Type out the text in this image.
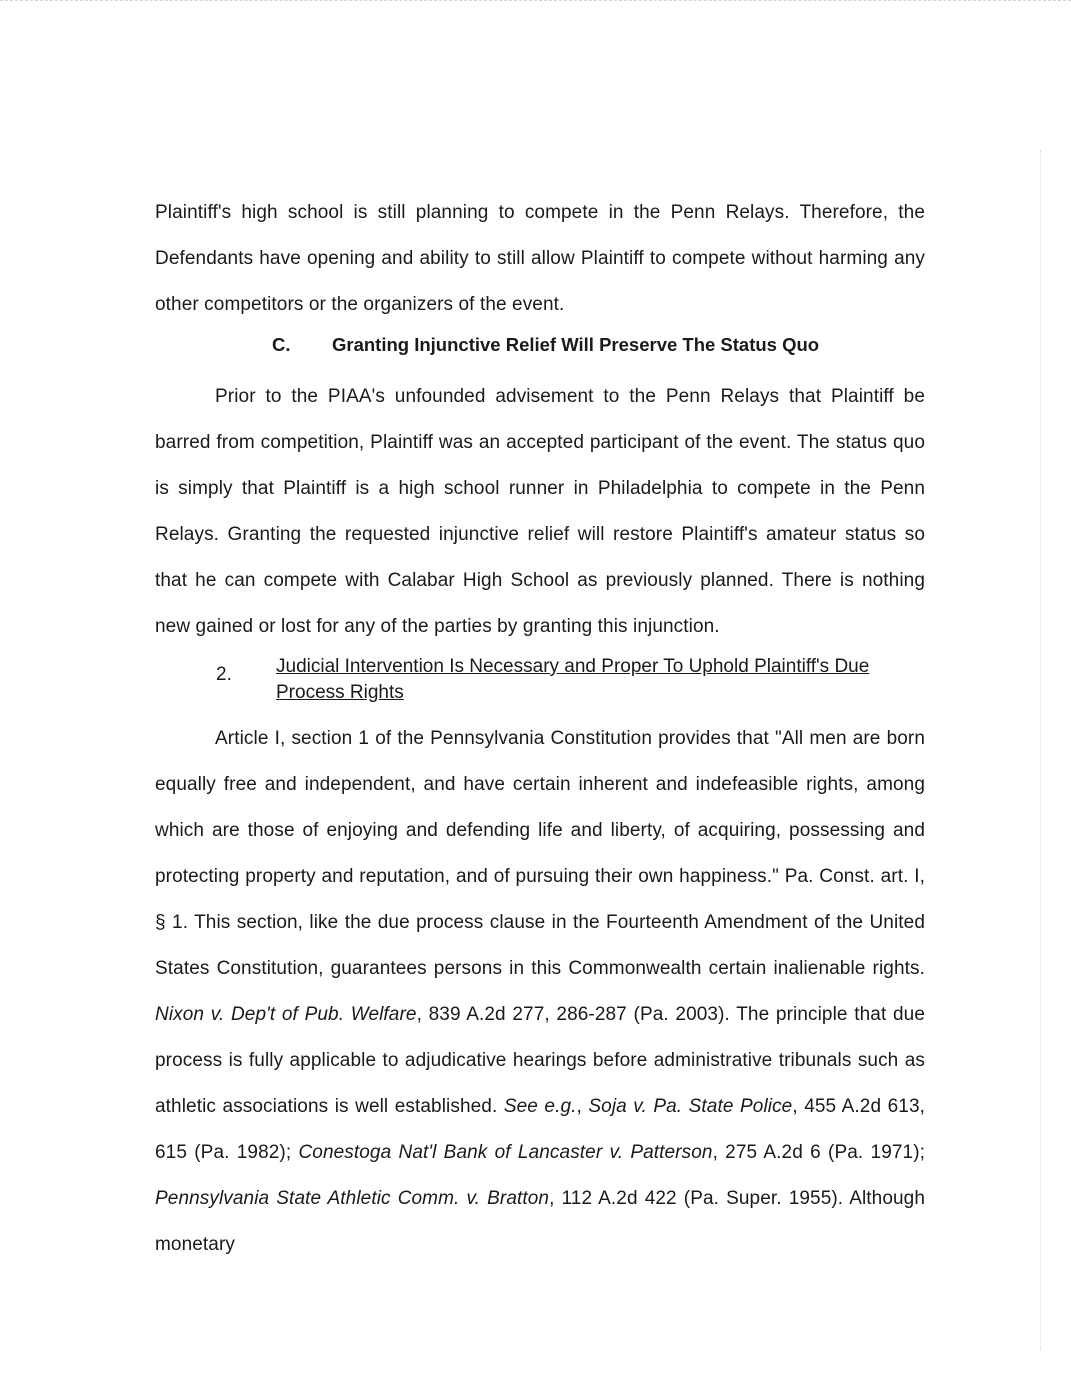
Plaintiff's high school is still planning to compete in the Penn Relays. Therefore, the Defendants have opening and ability to still allow Plaintiff to compete without harming any other competitors or the organizers of the event.

C. Granting Injunctive Relief Will Preserve The Status Quo

Prior to the PIAA's unfounded advisement to the Penn Relays that Plaintiff be barred from competition, Plaintiff was an accepted participant of the event. The status quo is simply that Plaintiff is a high school runner in Philadelphia to compete in the Penn Relays. Granting the requested injunctive relief will restore Plaintiff's amateur status so that he can compete with Calabar High School as previously planned. There is nothing new gained or lost for any of the parties by granting this injunction.

2. Judicial Intervention Is Necessary and Proper To Uphold Plaintiff's Due
Process Rights

Article I, section 1 of the Pennsylvania Constitution provides that "All men are born equally free and independent, and have certain inherent and indefeasible rights, among which are those of enjoying and defending life and liberty, of acquiring, possessing and protecting property and reputation, and of pursuing their own happiness." Pa. Const. art. I, § 1. This section, like the due process clause in the Fourteenth Amendment of the United States Constitution, guarantees persons in this Commonwealth certain inalienable rights. Nixon v. Dep't of Pub. Welfare, 839 A.2d 277, 286-287 (Pa. 2003). The principle that due process is fully applicable to adjudicative hearings before administrative tribunals such as athletic associations is well established. See e.g., Soja v. Pa. State Police, 455 A.2d 613, 615 (Pa. 1982); Conestoga Nat'l Bank of Lancaster v. Patterson, 275 A.2d 6 (Pa. 1971); Pennsylvania State Athletic Comm. v. Bratton, 112 A.2d 422 (Pa. Super. 1955). Although monetary
